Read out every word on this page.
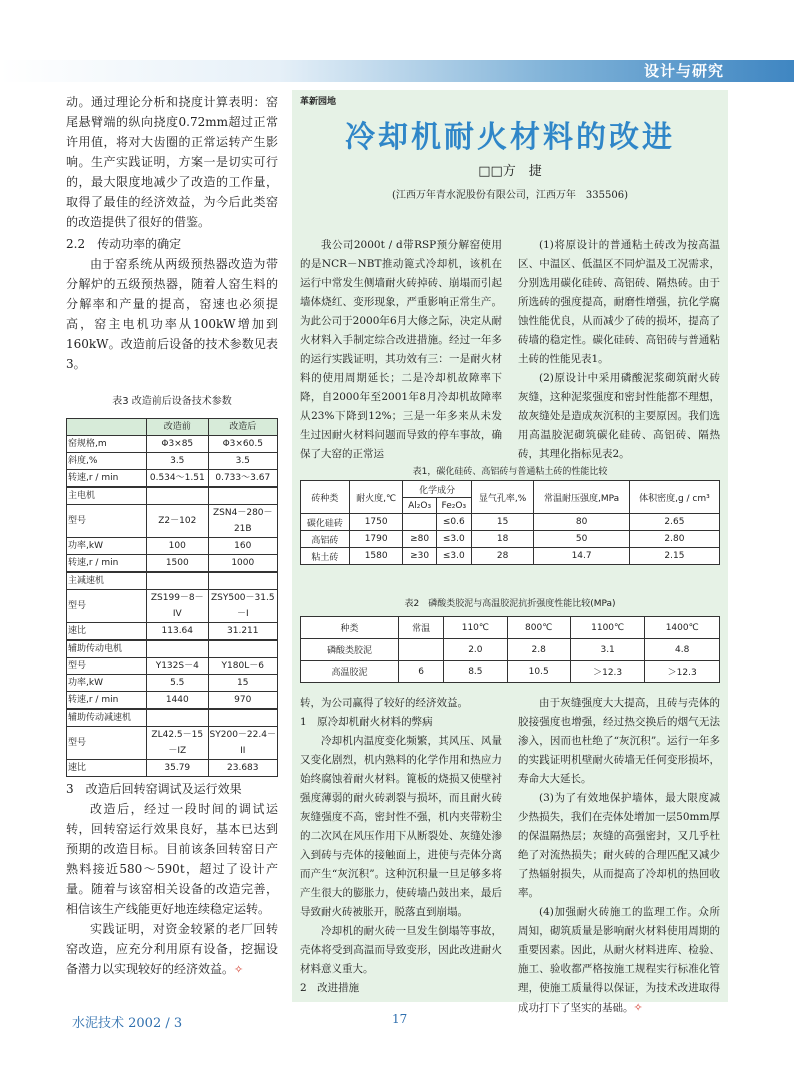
设计与研究

动。通过理论分析和挠度计算表明：窑尾悬臂端的纵向挠度0.72mm超过正常许用值，将对大齿圈的正常运转产生影响。生产实践证明，方案一是切实可行的，最大限度地减少了改造的工作量，取得了最佳的经济效益，为今后此类窑的改造提供了很好的借鉴。

2.2　传动功率的确定

由于窑系统从两级预热器改造为带分解炉的五级预热器，随着人窑生料的分解率和产量的提高，窑速也必须提高，窑主电机功率从100kW增加到160kW。改造前后设备的技术参数见表3。

表3 改造前后设备技术参数
	改造前	改造后
窑规格,m	Φ3×85	Φ3×60.5
斜度,%	3.5	3.5
转速,r / min	0.534～1.51	0.733～3.67
主电机		
型号	Z2－102	ZSN4－280－21B
功率,kW	100	160
转速,r / min	1500	1000
主减速机		
型号	ZS199－8－IV	ZSY500－31.5－I
速比	113.64	31.211
辅助传动电机		
型号	Y132S－4	Y180L－6
功率,kW	5.5	15
转速,r / min	1440	970
辅助传动减速机		
型号	ZL42.5－15－IZ	SY200－22.4－II
速比	35.79	23.683

3　改造后回转窑调试及运行效果

改造后，经过一段时间的调试运转，回转窑运行效果良好，基本已达到预期的改造目标。目前该条回转窑日产熟料接近580～590t，超过了设计产量。随着与该窑相关设备的改造完善，相信该生产线能更好地连续稳定运转。

实践证明，对资金较紧的老厂回转窑改造，应充分利用原有设备，挖掘设备潜力以实现较好的经济效益。✧

革新园地
冷却机耐火材料的改进
□□方　捷
(江西万年青水泥股份有限公司，江西万年　335506)

我公司2000t / d带RSP预分解窑使用的是NCR－NBT推动篦式冷却机，该机在运行中常发生侧墙耐火砖掉砖、崩塌而引起墙体烧红、变形现象，严重影响正常生产。为此公司于2000年6月大修之际，决定从耐火材料入手制定综合改进措施。经过一年多的运行实践证明，其功效有三：一是耐火材料的使用周期延长；二是冷却机故障率下降，自2000年至2001年8月冷却机故障率从23%下降到12%；三是一年多来从未发生过因耐火材料问题而导致的停车事故，确保了大窑的正常运

(1)将原设计的普通粘土砖改为按高温区、中温区、低温区不同炉温及工况需求，分别选用碳化硅砖、高铝砖、隔热砖。由于所选砖的强度提高，耐磨性增强，抗化学腐蚀性能优良，从而减少了砖的损坏，提高了砖墙的稳定性。碳化硅砖、高铝砖与普通粘土砖的性能见表1。

(2)原设计中采用磷酸泥浆砌筑耐火砖灰缝，这种泥浆强度和密封性能都不理想，故灰缝处是造成灰沉积的主要原因。我们选用高温胶泥砌筑碳化硅砖、高铝砖、隔热砖，其理化指标见表2。

表1，碳化硅砖、高铝砖与普通粘土砖的性能比较
砖种类	耐火度,℃	化学成分		显气孔率,%	常温耐压强度,MPa	体积密度,g / cm³
		Al₂O₃	Fe₂O₃			
碳化硅砖	1750		≤0.6	15	80	2.65
高铝砖	1790	≥80	≤3.0	18	50	2.80
粘土砖	1580	≥30	≤3.0	28	14.7	2.15
表2　磷酸类胶泥与高温胶泥抗折强度性能比较(MPa)
种类	常温	110℃	800℃	1100℃	1400℃
磷酸类胶泥		2.0	2.8	3.1	4.8
高温胶泥	6	8.5	10.5	＞12.3	＞12.3

转，为公司赢得了较好的经济效益。

1　原冷却机耐火材料的弊病

冷却机内温度变化频繁，其风压、风量又变化剧烈，机内熟料的化学作用和热应力始终腐蚀着耐火材料。篦板的烧损又使壁衬强度薄弱的耐火砖剥裂与损坏，而且耐火砖灰缝强度不高，密封性不强，机内夹带粉尘的二次风在风压作用下从断裂处、灰缝处渗入到砖与壳体的接触面上，进使与壳体分离而产生“灰沉积”。这种沉积量一旦足够多将产生很大的膨胀力，使砖墙凸鼓出来，最后导致耐火砖被胀开，脱落直到崩塌。

冷却机的耐火砖一旦发生倒塌等事故，壳体将受到高温而导致变形，因此改进耐火材料意义重大。

2　改进措施

由于灰缝强度大大提高，且砖与壳体的胶接强度也增强，经过热交换后的烟气无法渗入，因而也杜绝了“灰沉积”。运行一年多的实践证明机壁耐火砖墙无任何变形损坏，寿命大大延长。

(3)为了有效地保护墙体，最大限度减少热损失，我们在壳体处增加一层50mm厚的保温隔热层；灰缝的高强密封，又几乎杜绝了对流热损失；耐火砖的合理匹配又减少了热辐射损失，从而提高了冷却机的热回收率。

(4)加强耐火砖施工的监理工作。众所周知，砌筑质量是影响耐火材料使用周期的重要因素。因此，从耐火材料进库、检验、施工、验收都严格按施工规程实行标准化管理，使施工质量得以保证，为技术改进取得成功打下了坚实的基础。✧

水泥技术 2002 / 3	17
